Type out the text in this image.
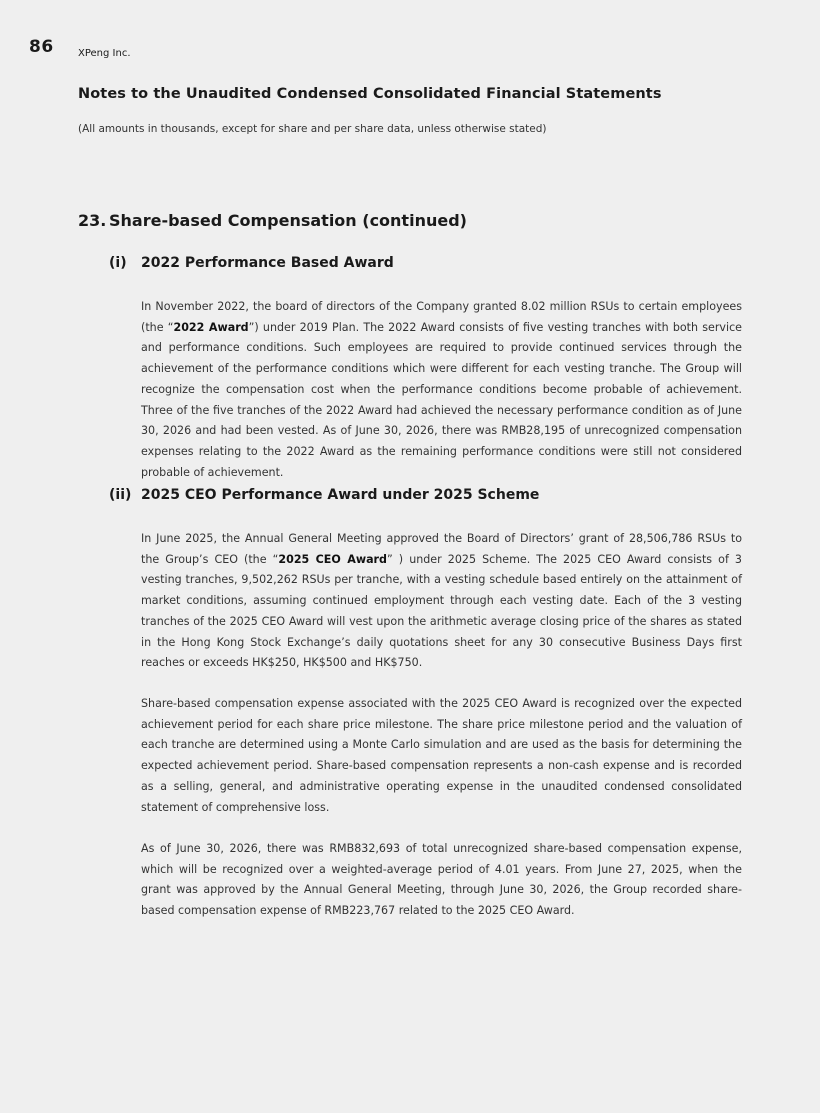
86 XPeng Inc.
Notes to the Unaudited Condensed Consolidated Financial Statements
(All amounts in thousands, except for share and per share data, unless otherwise stated)
23. Share-based Compensation (continued)
(i) 2022 Performance Based Award

In November 2022, the board of directors of the Company granted 8.02 million RSUs to certain employees (the “2022 Award”) under 2019 Plan. The 2022 Award consists of five vesting tranches with both service and performance conditions. Such employees are required to provide continued services through the achievement of the performance conditions which were different for each vesting tranche. The Group will recognize the compensation cost when the performance conditions become probable of achievement. Three of the five tranches of the 2022 Award had achieved the necessary performance condition as of June 30, 2026 and had been vested. As of June 30, 2026, there was RMB28,195 of unrecognized compensation expenses relating to the 2022 Award as the remaining performance conditions were still not considered probable of achievement.

(ii) 2025 CEO Performance Award under 2025 Scheme

In June 2025, the Annual General Meeting approved the Board of Directors’ grant of 28,506,786 RSUs to the Group’s CEO (the “2025 CEO Award” ) under 2025 Scheme. The 2025 CEO Award consists of 3 vesting tranches, 9,502,262 RSUs per tranche, with a vesting schedule based entirely on the attainment of market conditions, assuming continued employment through each vesting date. Each of the 3 vesting tranches of the 2025 CEO Award will vest upon the arithmetic average closing price of the shares as stated in the Hong Kong Stock Exchange’s daily quotations sheet for any 30 consecutive Business Days first reaches or exceeds HK$250, HK$500 and HK$750.

Share-based compensation expense associated with the 2025 CEO Award is recognized over the expected achievement period for each share price milestone. The share price milestone period and the valuation of each tranche are determined using a Monte Carlo simulation and are used as the basis for determining the expected achievement period. Share-based compensation represents a non-cash expense and is recorded as a selling, general, and administrative operating expense in the unaudited condensed consolidated statement of comprehensive loss.

As of June 30, 2026, there was RMB832,693 of total unrecognized share-based compensation expense, which will be recognized over a weighted-average period of 4.01 years. From June 27, 2025, when the grant was approved by the Annual General Meeting, through June 30, 2026, the Group recorded share-based compensation expense of RMB223,767 related to the 2025 CEO Award.
